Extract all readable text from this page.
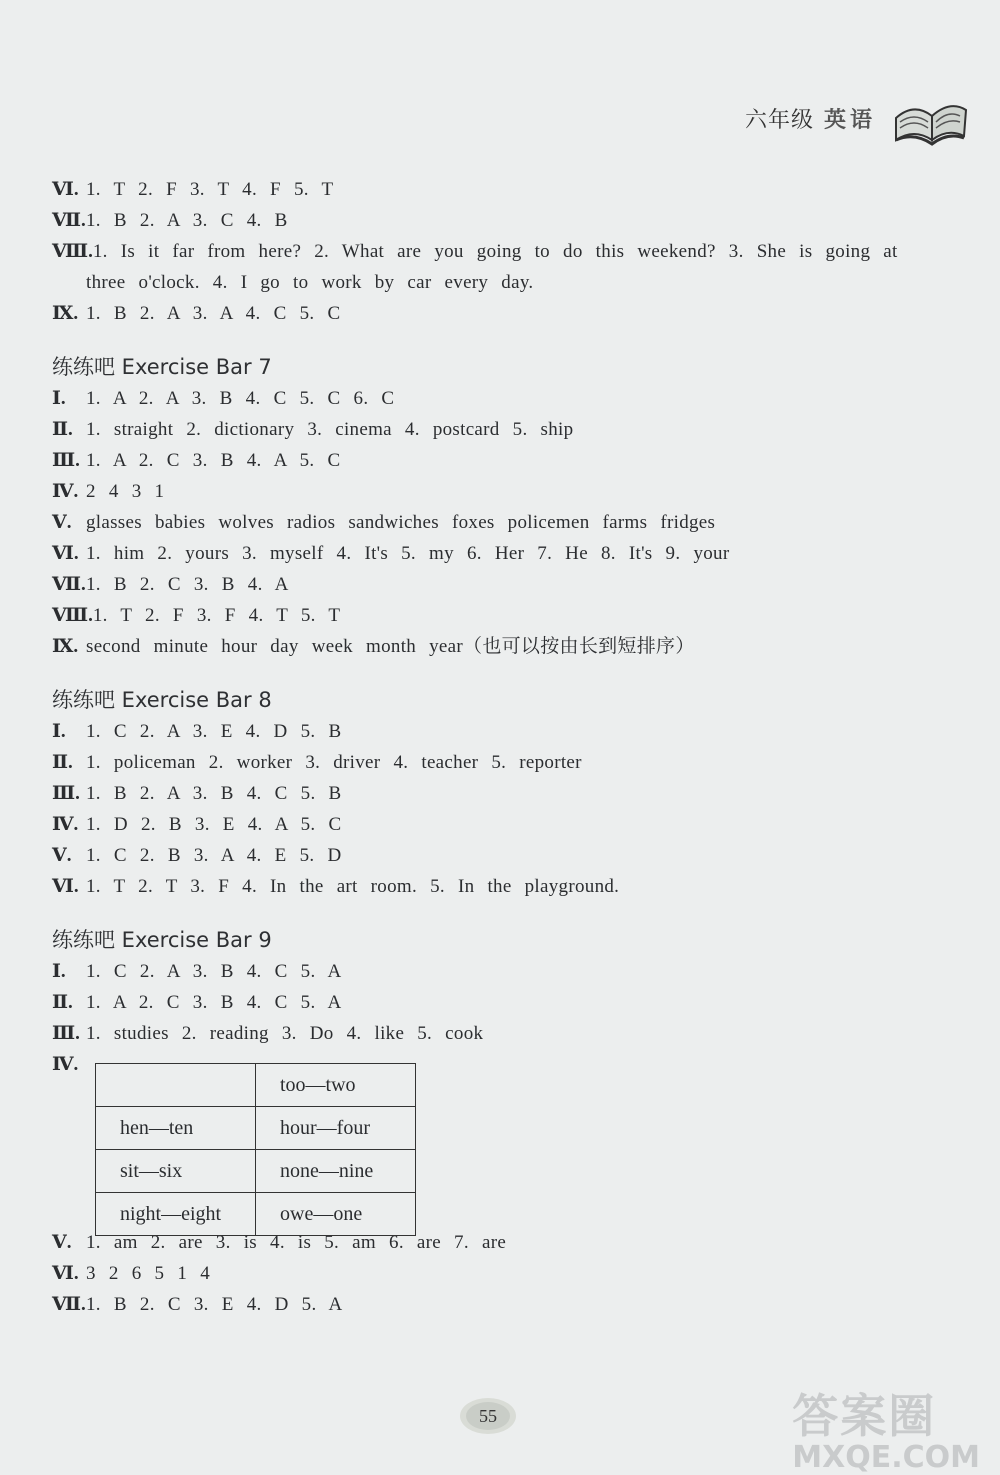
六年级 英语
Ⅵ. 1. T 2. F 3. T 4. F 5. T
Ⅶ.1. B 2. A 3. C 4. B
Ⅷ.1. Is it far from here? 2. What are you going to do this weekend? 3. She is going at
three o'clock. 4. I go to work by car every day.
Ⅸ. 1. B 2. A 3. A 4. C 5. C
练练吧 Exercise Bar 7
Ⅰ. 1. A 2. A 3. B 4. C 5. C 6. C
Ⅱ. 1. straight 2. dictionary 3. cinema 4. postcard 5. ship
Ⅲ. 1. A 2. C 3. B 4. A 5. C
Ⅳ. 2 4 3 1
Ⅴ. glasses babies wolves radios sandwiches foxes policemen farms fridges
Ⅵ. 1. him 2. yours 3. myself 4. It's 5. my 6. Her 7. He 8. It's 9. your
Ⅶ.1. B 2. C 3. B 4. A
Ⅷ.1. T 2. F 3. F 4. T 5. T
Ⅸ. second minute hour day week month year（也可以按由长到短排序）
练练吧 Exercise Bar 8
Ⅰ. 1. C 2. A 3. E 4. D 5. B
Ⅱ. 1. policeman 2. worker 3. driver 4. teacher 5. reporter
Ⅲ. 1. B 2. A 3. B 4. C 5. B
Ⅳ. 1. D 2. B 3. E 4. A 5. C
Ⅴ. 1. C 2. B 3. A 4. E 5. D
Ⅵ. 1. T 2. T 3. F 4. In the art room. 5. In the playground.
练练吧 Exercise Bar 9
Ⅰ. 1. C 2. A 3. B 4. C 5. A
Ⅱ. 1. A 2. C 3. B 4. C 5. A
Ⅲ. 1. studies 2. reading 3. Do 4. like 5. cook
Ⅳ.
	too—two
hen—ten	hour—four
sit—six	none—nine
night—eight	owe—one
Ⅴ. 1. am 2. are 3. is 4. is 5. am 6. are 7. are
Ⅵ. 3 2 6 5 1 4
Ⅶ.1. B 2. C 3. E 4. D 5. A
55	答案圈
MXQE.COM
